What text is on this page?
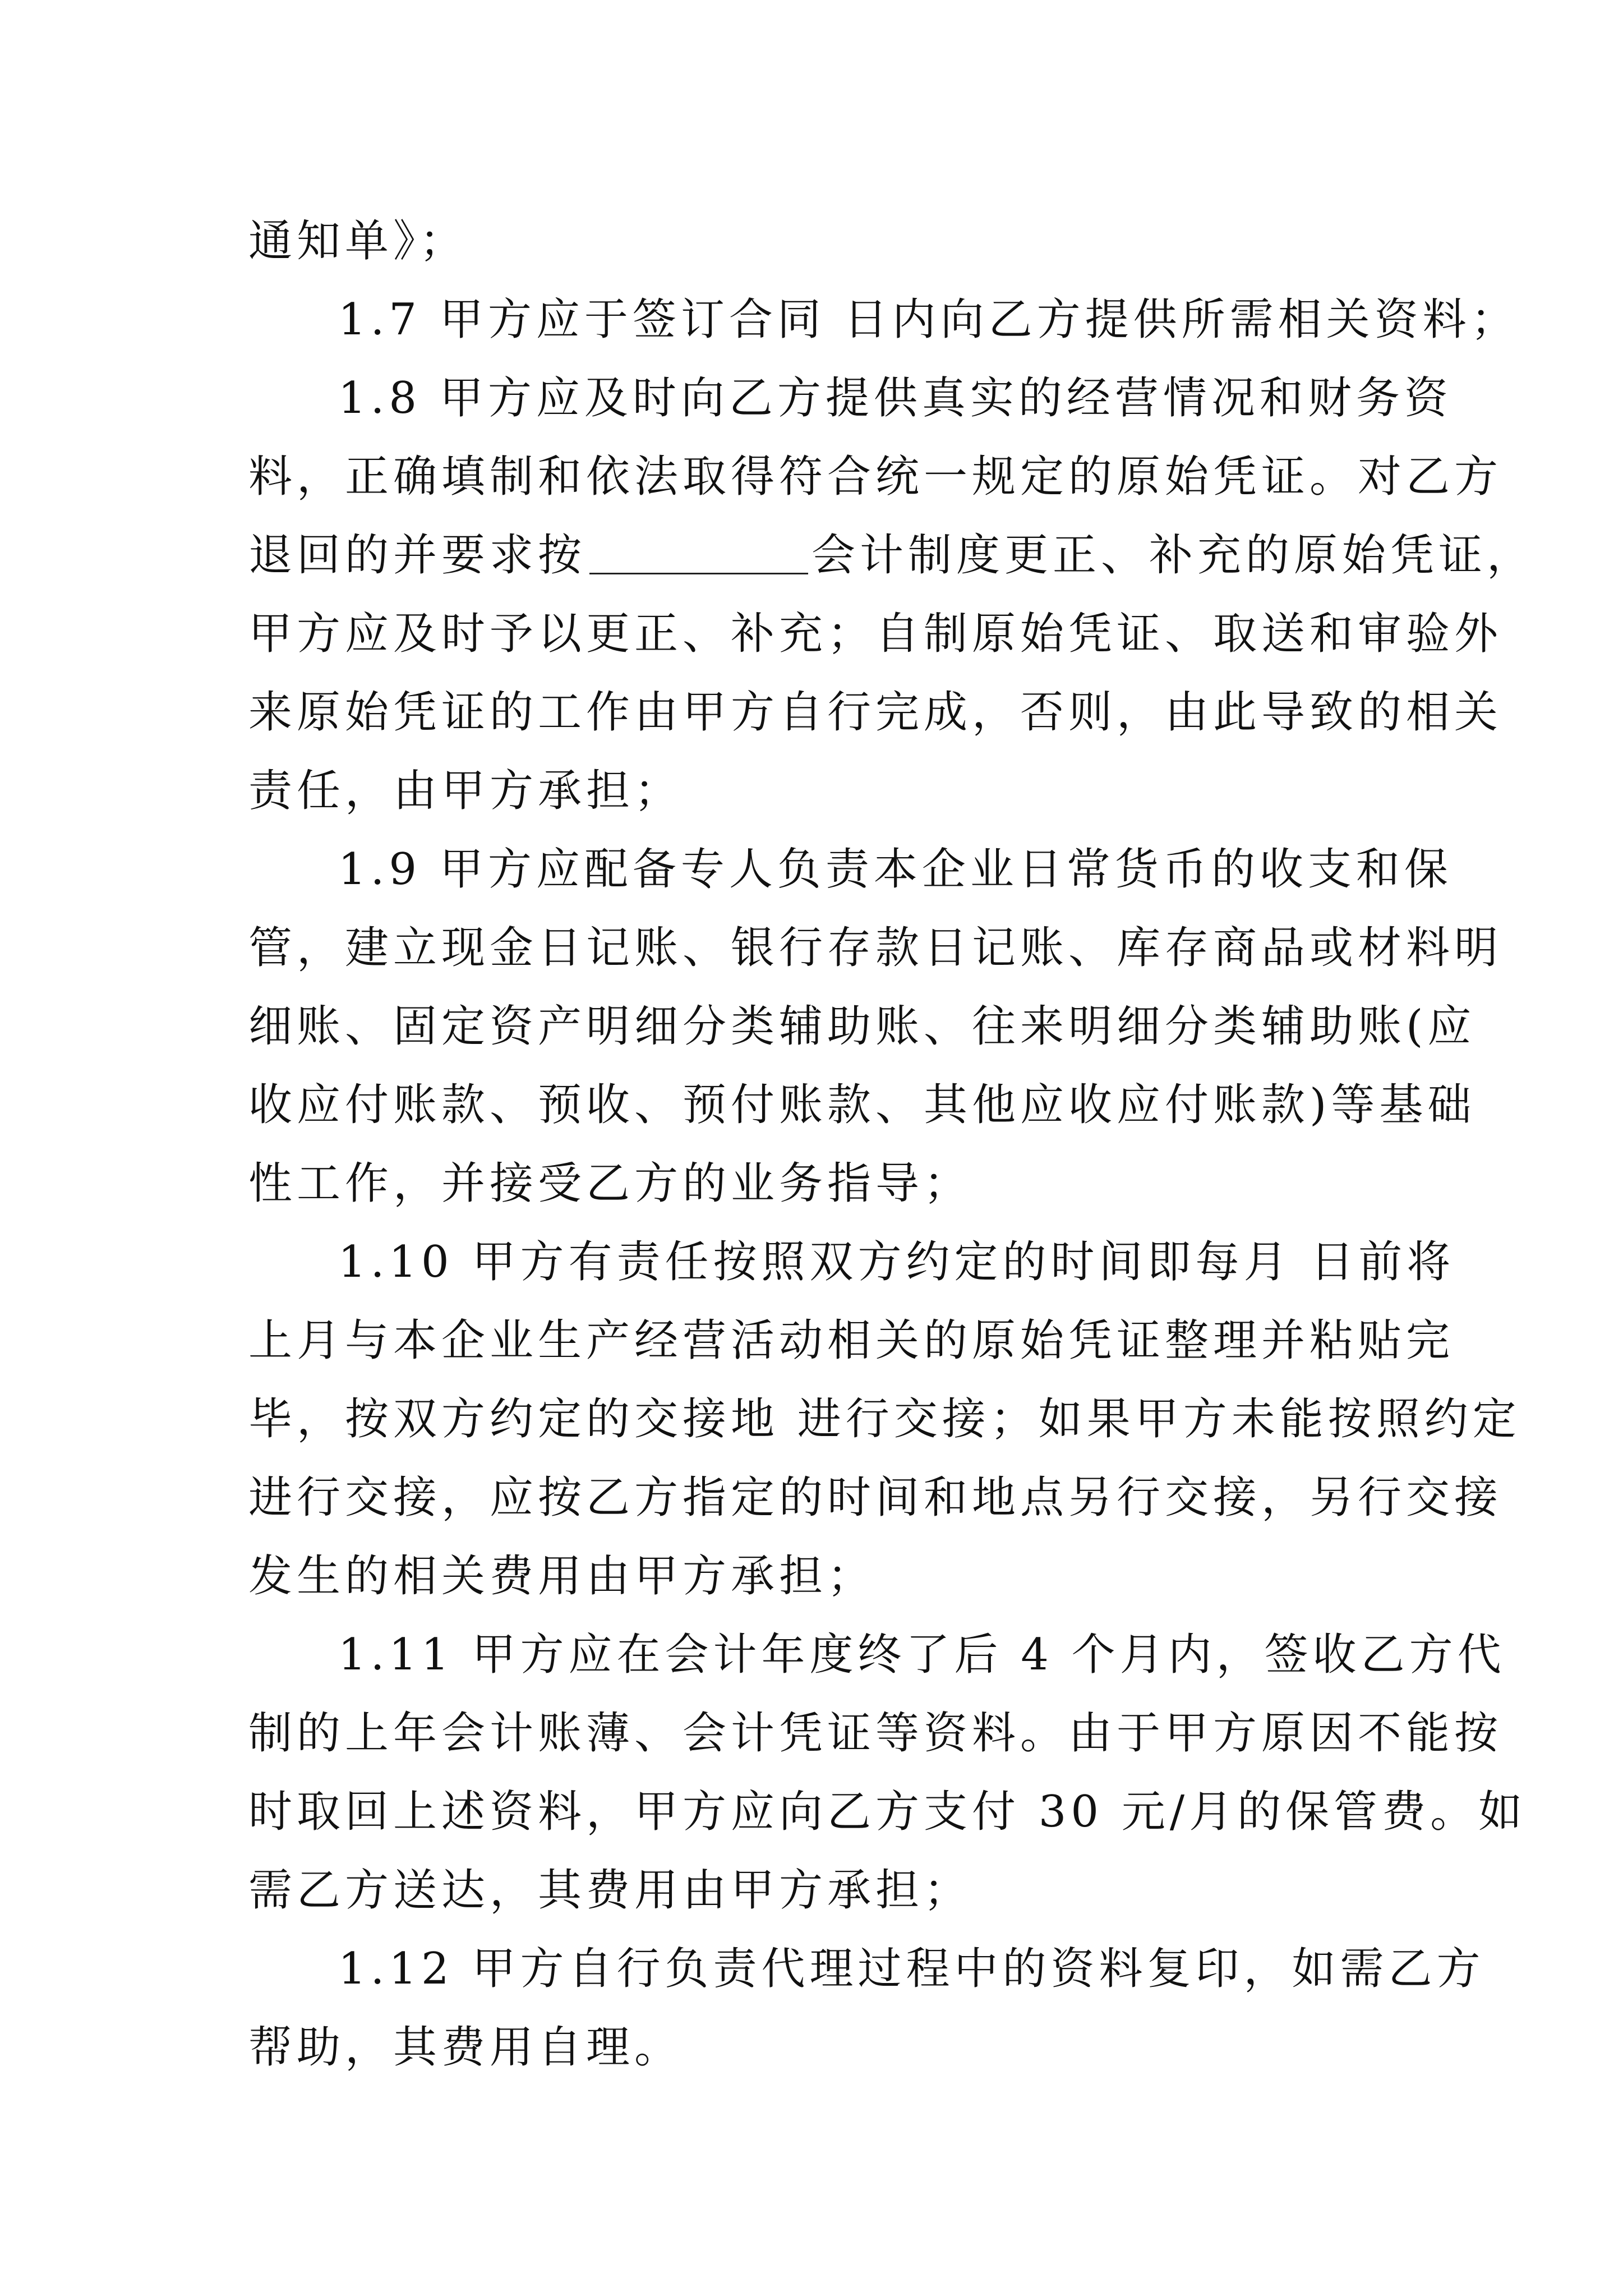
通知单》；

1.7 甲方应于签订合同 日内向乙方提供所需相关资料；

1.8 甲方应及时向乙方提供真实的经营情况和财务资

料，正确填制和依法取得符合统一规定的原始凭证。对乙方

退回的并要求按	会计制度更正、补充的原始凭证，

甲方应及时予以更正、补充；自制原始凭证、取送和审验外

来原始凭证的工作由甲方自行完成，否则，由此导致的相关

责任，由甲方承担；

1.9 甲方应配备专人负责本企业日常货币的收支和保

管，建立现金日记账、银行存款日记账、库存商品或材料明

细账、固定资产明细分类辅助账、往来明细分类辅助账(应

收应付账款、预收、预付账款、其他应收应付账款)等基础

性工作，并接受乙方的业务指导；

1.10 甲方有责任按照双方约定的时间即每月 日前将

上月与本企业生产经营活动相关的原始凭证整理并粘贴完

毕，按双方约定的交接地 进行交接；如果甲方未能按照约定

进行交接，应按乙方指定的时间和地点另行交接，另行交接

发生的相关费用由甲方承担；

1.11 甲方应在会计年度终了后 4 个月内，签收乙方代

制的上年会计账薄、会计凭证等资料。由于甲方原因不能按

时取回上述资料，甲方应向乙方支付 30 元/月的保管费。如

需乙方送达，其费用由甲方承担；

1.12 甲方自行负责代理过程中的资料复印，如需乙方

帮助，其费用自理。
